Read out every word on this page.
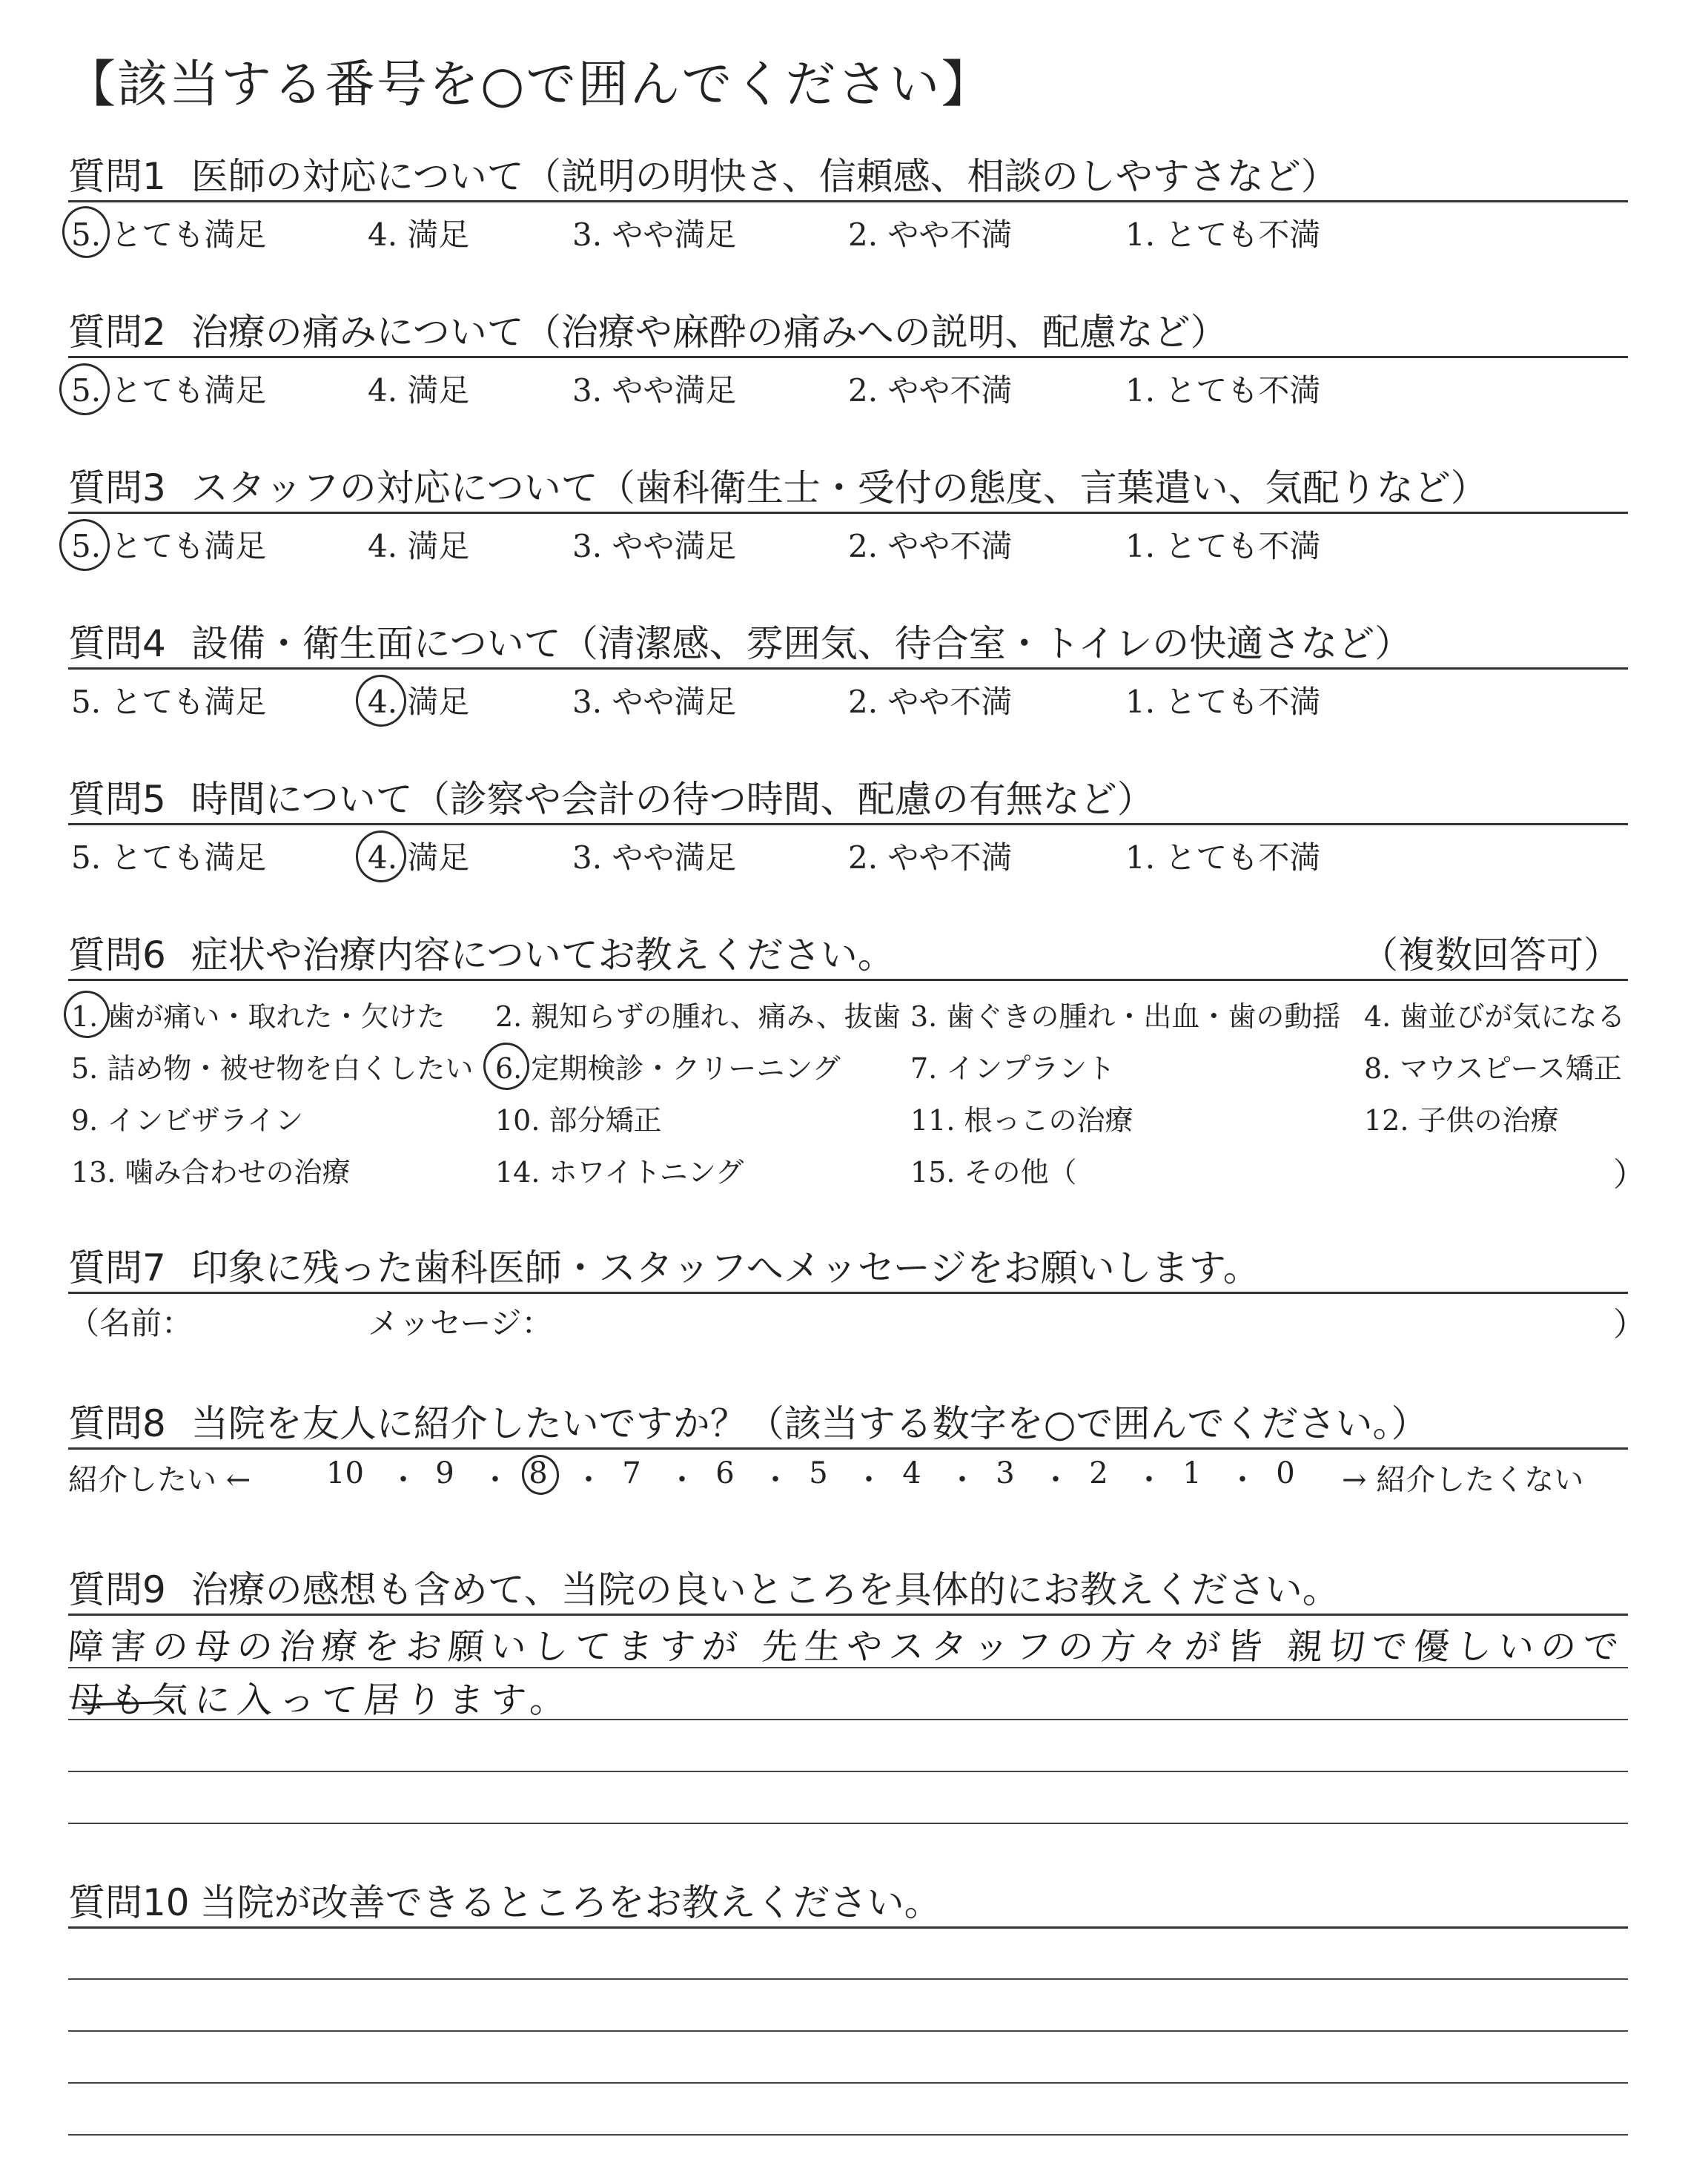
【該当する番号を○で囲んでください】
質問1 医師の対応について（説明の明快さ、信頼感、相談のしやすさなど）
5. とても満足	4. 満足	3. やや満足	2. やや不満	1. とても不満
質問2 治療の痛みについて（治療や麻酔の痛みへの説明、配慮など）
5. とても満足	4. 満足	3. やや満足	2. やや不満	1. とても不満
質問3 スタッフの対応について（歯科衛生士・受付の態度、言葉遣い、気配りなど）
5. とても満足	4. 満足	3. やや満足	2. やや不満	1. とても不満
質問4 設備・衛生面について（清潔感、雰囲気、待合室・トイレの快適さなど）
5. とても満足	4. 満足	3. やや満足	2. やや不満	1. とても不満
質問5 時間について（診察や会計の待つ時間、配慮の有無など）
5. とても満足	4. 満足	3. やや満足	2. やや不満	1. とても不満
質問6 症状や治療内容についてお教えください。	（複数回答可）
1. 歯が痛い・取れた・欠けた 2. 親知らずの腫れ、痛み、抜歯 3. 歯ぐきの腫れ・出血・歯の動揺 4. 歯並びが気になる
5. 詰め物・被せ物を白くしたい 6. 定期検診・クリーニング 7. インプラント	8. マウスピース矯正
9. インビザライン	10. 部分矯正	11. 根っこの治療	12. 子供の治療
13. 噛み合わせの治療	14. ホワイトニング	15. その他（	）
質問7 印象に残った歯科医師・スタッフへメッセージをお願いします。
（名前：	メッセージ：	）
質問8 当院を友人に紹介したいですか？（該当する数字を○で囲んでください。）
紹介したい ←	→ 紹介したくない
10 ・ 9 ・ 8 ・ 7 ・ 6 ・ 5 ・ 4 ・ 3 ・ 2 ・ 1 ・ 0
質問9 治療の感想も含めて、当院の良いところを具体的にお教えください。
障害の母の治療をお願いしてますが 先生やスタッフの方々が皆 親切で優しいので
母も気に入って居ります。
質問10 当院が改善できるところをお教えください。
